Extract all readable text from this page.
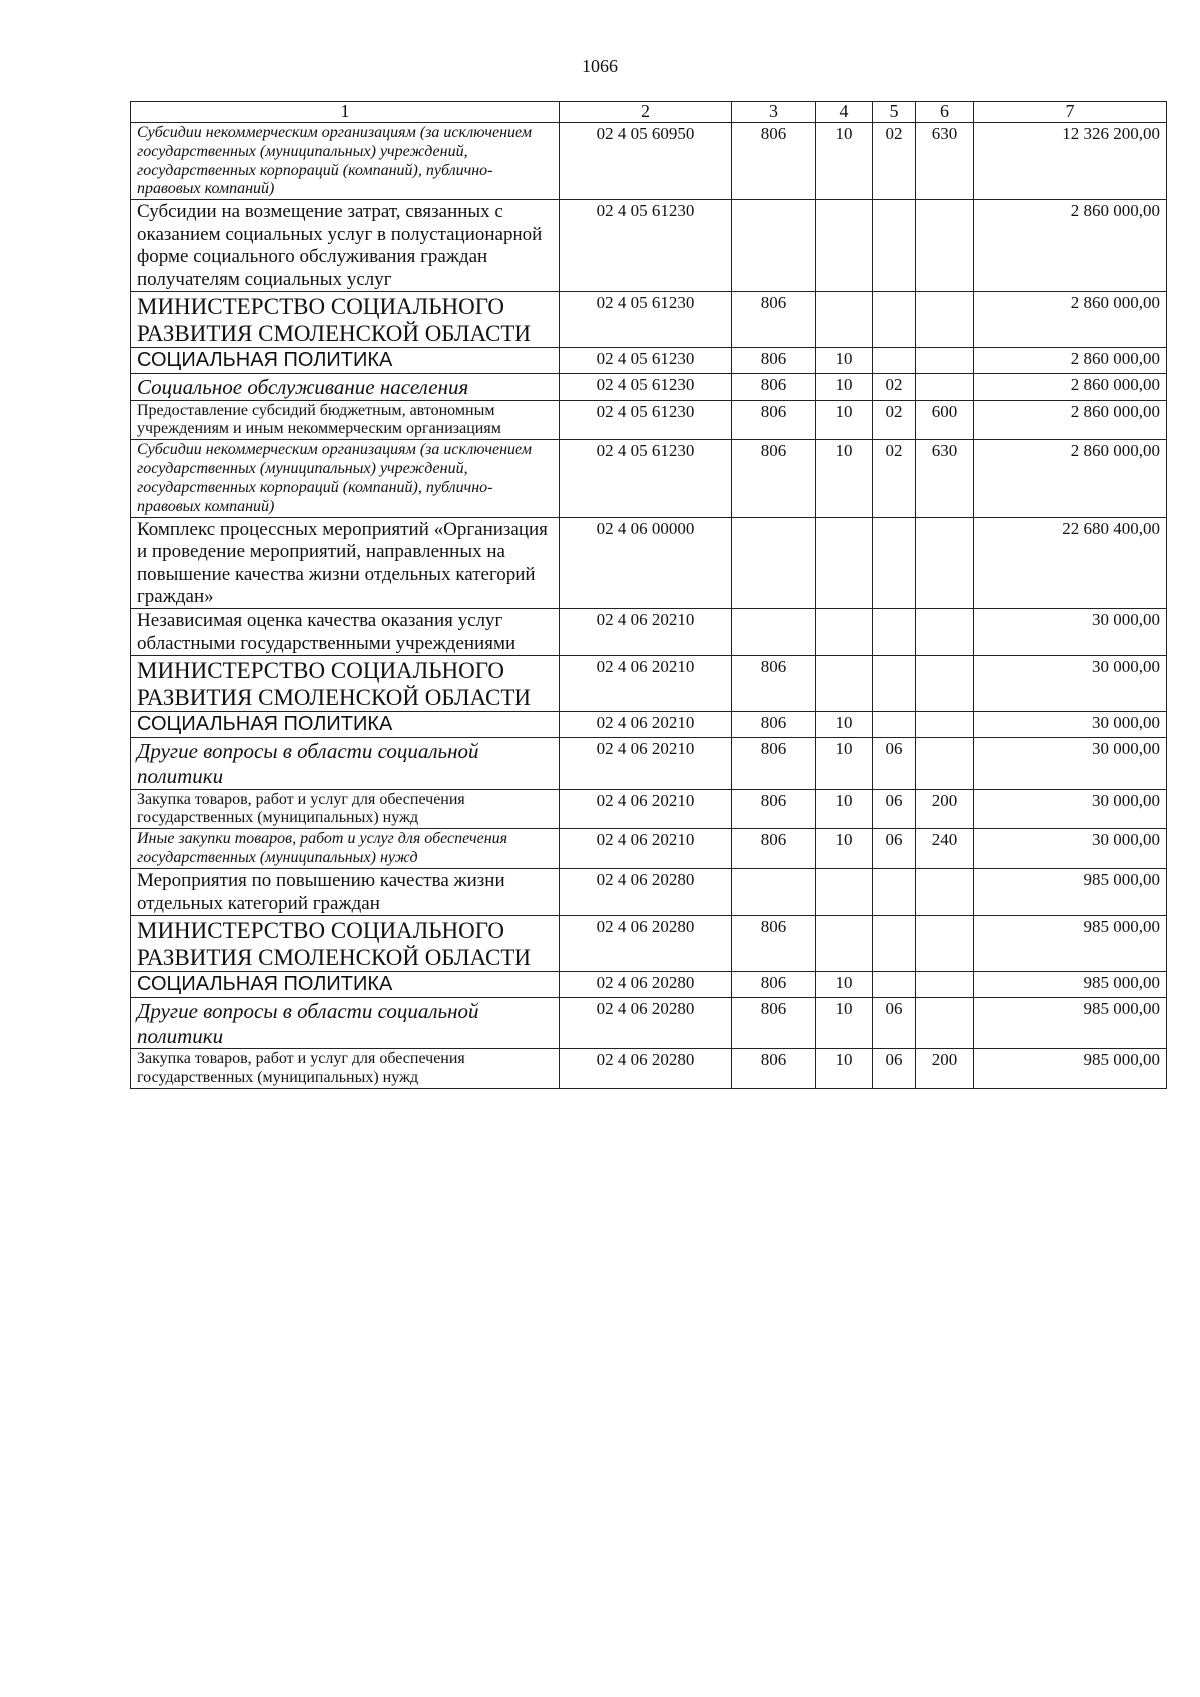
1066
1	2	3	4	5	6	7
Субсидии некоммерческим организациям (за исключением государственных (муниципальных) учреждений, государственных корпораций (компаний), публично-правовых компаний)	02 4 05 60950	806	10	02	630	12 326 200,00
Субсидии на возмещение затрат, связанных с оказанием социальных услуг в полустационарной форме социального обслуживания граждан получателям социальных услуг	02 4 05 61230					2 860 000,00
МИНИСТЕРСТВО СОЦИАЛЬНОГО РАЗВИТИЯ СМОЛЕНСКОЙ ОБЛАСТИ	02 4 05 61230	806				2 860 000,00
СОЦИАЛЬНАЯ ПОЛИТИКА	02 4 05 61230	806	10			2 860 000,00
Социальное обслуживание населения	02 4 05 61230	806	10	02		2 860 000,00
Предоставление субсидий бюджетным, автономным учреждениям и иным некоммерческим организациям	02 4 05 61230	806	10	02	600	2 860 000,00
Субсидии некоммерческим организациям (за исключением государственных (муниципальных) учреждений, государственных корпораций (компаний), публично-правовых компаний)	02 4 05 61230	806	10	02	630	2 860 000,00
Комплекс процессных мероприятий «Организация и проведение мероприятий, направленных на повышение качества жизни отдельных категорий граждан»	02 4 06 00000					22 680 400,00
Независимая оценка качества оказания услуг областными государственными учреждениями	02 4 06 20210					30 000,00
МИНИСТЕРСТВО СОЦИАЛЬНОГО РАЗВИТИЯ СМОЛЕНСКОЙ ОБЛАСТИ	02 4 06 20210	806				30 000,00
СОЦИАЛЬНАЯ ПОЛИТИКА	02 4 06 20210	806	10			30 000,00
Другие вопросы в области социальной политики	02 4 06 20210	806	10	06		30 000,00
Закупка товаров, работ и услуг для обеспечения государственных (муниципальных) нужд	02 4 06 20210	806	10	06	200	30 000,00
Иные закупки товаров, работ и услуг для обеспечения государственных (муниципальных) нужд	02 4 06 20210	806	10	06	240	30 000,00
Мероприятия по повышению качества жизни отдельных категорий граждан	02 4 06 20280					985 000,00
МИНИСТЕРСТВО СОЦИАЛЬНОГО РАЗВИТИЯ СМОЛЕНСКОЙ ОБЛАСТИ	02 4 06 20280	806				985 000,00
СОЦИАЛЬНАЯ ПОЛИТИКА	02 4 06 20280	806	10			985 000,00
Другие вопросы в области социальной политики	02 4 06 20280	806	10	06		985 000,00
Закупка товаров, работ и услуг для обеспечения государственных (муниципальных) нужд	02 4 06 20280	806	10	06	200	985 000,00
